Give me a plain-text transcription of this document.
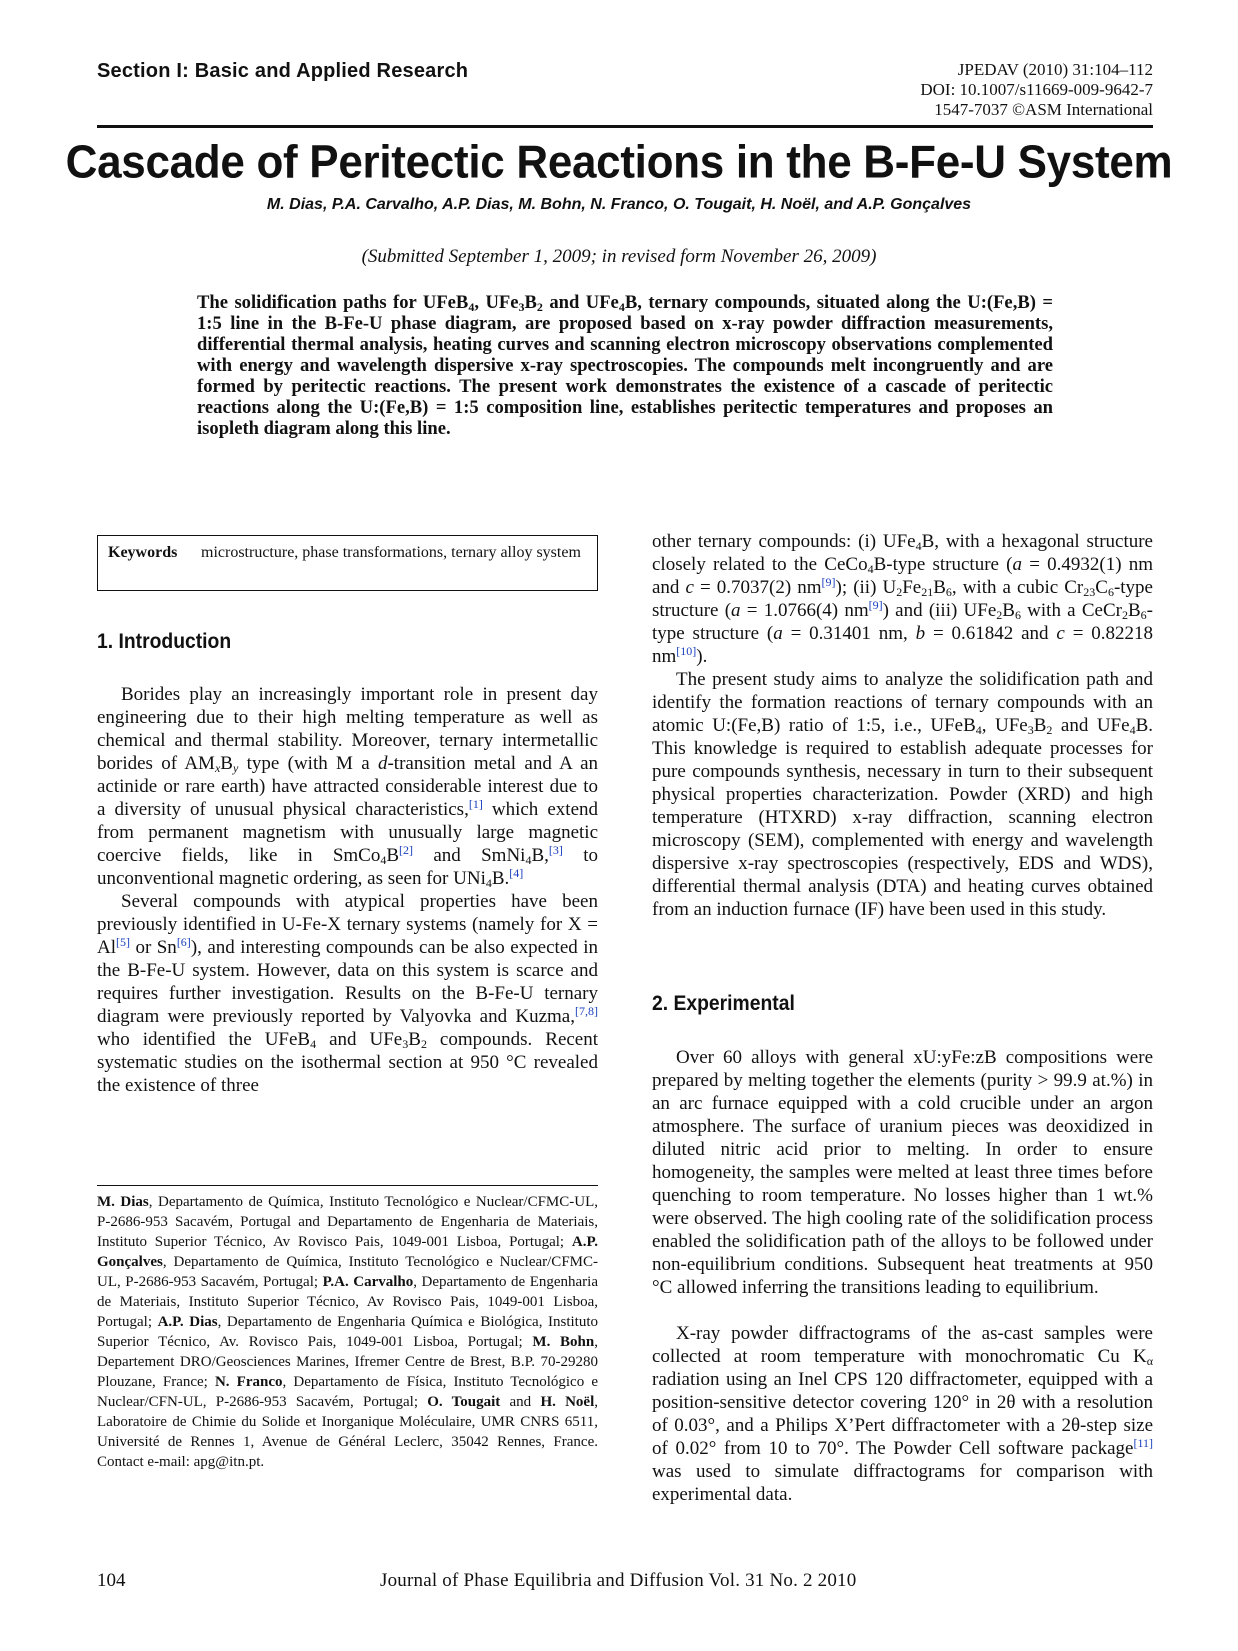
Section I: Basic and Applied Research	JPEDAV (2010) 31:104–112
DOI: 10.1007/s11669-009-9642-7
1547-7037 ©ASM International
Cascade of Peritectic Reactions in the B-Fe-U System
M. Dias, P.A. Carvalho, A.P. Dias, M. Bohn, N. Franco, O. Tougait, H. Noël, and A.P. Gonçalves
(Submitted September 1, 2009; in revised form November 26, 2009)
The solidification paths for UFeB$_4$, $UFe_3B_2$ and UFe$_4$B, ternary compounds, situated along the U:(Fe,B) = 1:5 line in the B-Fe-U phase diagram, are proposed based on x-ray powder diffraction measurements, differential thermal analysis, heating curves and scanning electron microscopy observations complemented with energy and wavelength dispersive x-ray spectroscopies. The compounds melt incongruently and are formed by peritectic reactions. The present work demonstrates the existence of a cascade of peritectic reactions along the U:(Fe,B) = 1:5 composition line, establishes peritectic temperatures and proposes an isopleth diagram along this line.
Keywords	microstructure, phase transformations, ternary alloy system
1. Introduction
Borides play an increasingly important role in present day engineering due to their high melting temperature as well as chemical and thermal stability. Moreover, ternary intermetallic borides of $AM_xB_y$ type (with M a d-transition metal and A an actinide or rare earth) have attracted considerable interest due to a diversity of unusual physical characteristics,[1] which extend from permanent magnetism with unusually large magnetic coercive fields, like in SmCo$_4$B[2] and SmNi$_4$B,[3] to unconventional magnetic ordering, as seen for UNi$_4$B.[4]
Several compounds with atypical properties have been previously identified in U-Fe-X ternary systems (namely for X = Al[5] or Sn[6]), and interesting compounds can be also expected in the B-Fe-U system. However, data on this system is scarce and requires further investigation. Results on the B-Fe-U ternary diagram were previously reported by Valyovka and Kuzma,[7,8] who identified the UFeB$_4$ and $UFe_3B_2$ compounds. Recent systematic studies on the isothermal section at 950 °C revealed the existence of three
M. Dias, Departamento de Química, Instituto Tecnológico e Nuclear/CFMC-UL, P-2686-953 Sacavém, Portugal and Departamento de Engenharia de Materiais, Instituto Superior Técnico, Av Rovisco Pais, 1049-001 Lisboa, Portugal; A.P. Gonçalves, Departamento de Química, Instituto Tecnológico e Nuclear/CFMC-UL, P-2686-953 Sacavém, Portugal; P.A. Carvalho, Departamento de Engenharia de Materiais, Instituto Superior Técnico, Av Rovisco Pais, 1049-001 Lisboa, Portugal; A.P. Dias, Departamento de Engenharia Química e Biológica, Instituto Superior Técnico, Av. Rovisco Pais, 1049-001 Lisboa, Portugal; M. Bohn, Departement DRO/Geosciences Marines, Ifremer Centre de Brest, B.P. 70-29280 Plouzane, France; N. Franco, Departamento de Física, Instituto Tecnológico e Nuclear/CFN-UL, P-2686-953 Sacavém, Portugal; O. Tougait and H. Noël, Laboratoire de Chimie du Solide et Inorganique Moléculaire, UMR CNRS 6511, Université de Rennes 1, Avenue de Général Leclerc, 35042 Rennes, France. Contact e-mail: apg@itn.pt.
other ternary compounds: (i) UFe$_4$B, with a hexagonal structure closely related to the CeCo$_4$B-type structure (a = 0.4932(1) nm and c = 0.7037(2) nm[9]); (ii) $U_2Fe_{21}B_6$, with a cubic $Cr_{23}C_6$-type structure (a = 1.0766(4) nm[9]) and (iii) $UFe_2B_6$ with a $CeCr_2B_6$-type structure (a = 0.31401 nm, b = 0.61842 and c = 0.82218 nm[10]).
The present study aims to analyze the solidification path and identify the formation reactions of ternary compounds with an atomic U:(Fe,B) ratio of 1:5, i.e., UFeB$_4$, $UFe_3B_2$ and UFe$_4$B. This knowledge is required to establish adequate processes for pure compounds synthesis, necessary in turn to their subsequent physical properties characterization. Powder (XRD) and high temperature (HTXRD) x-ray diffraction, scanning electron microscopy (SEM), complemented with energy and wavelength dispersive x-ray spectroscopies (respectively, EDS and WDS), differential thermal analysis (DTA) and heating curves obtained from an induction furnace (IF) have been used in this study.
2. Experimental
Over 60 alloys with general xU:yFe:zB compositions were prepared by melting together the elements (purity > 99.9 at.%) in an arc furnace equipped with a cold crucible under an argon atmosphere. The surface of uranium pieces was deoxidized in diluted nitric acid prior to melting. In order to ensure homogeneity, the samples were melted at least three times before quenching to room temperature. No losses higher than 1 wt.% were observed. The high cooling rate of the solidification process enabled the solidification path of the alloys to be followed under non-equilibrium conditions. Subsequent heat treatments at 950 °C allowed inferring the transitions leading to equilibrium.
X-ray powder diffractograms of the as-cast samples were collected at room temperature with monochromatic Cu $K_\alpha$ radiation using an Inel CPS 120 diffractometer, equipped with a position-sensitive detector covering 120° in 2θ with a resolution of 0.03°, and a Philips X’Pert diffractometer with a 2θ-step size of 0.02° from 10 to 70°. The Powder Cell software package[11] was used to simulate diffractograms for comparison with experimental data.
104	Journal of Phase Equilibria and Diffusion Vol. 31 No. 2 2010
